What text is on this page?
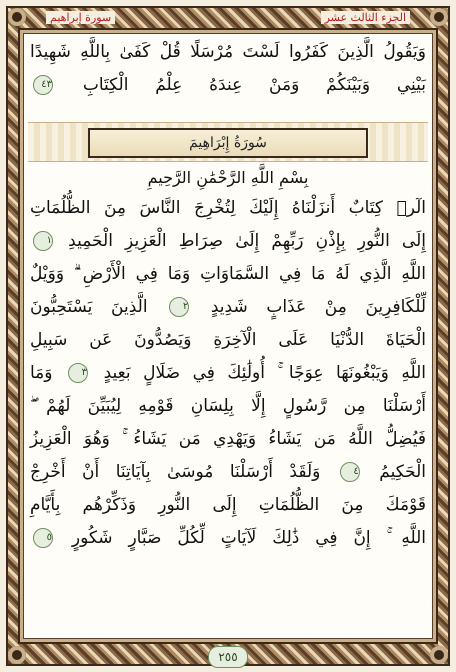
سورة إبراهيم	الجزء الثالث عشر
وَيَقُولُ الَّذِينَ كَفَرُوا لَسْتَ مُرْسَلًا قُلْ كَفَىٰ بِاللَّهِ شَهِيدًا
بَيْنِي وَبَيْنَكُمْ وَمَنْ عِندَهُ عِلْمُ الْكِتَابِ ٤٣
سُورَةُ إِبْرَاهِيمَ
بِسْمِ اللَّهِ الرَّحْمَٰنِ الرَّحِيمِ
الٓرۚ كِتَابٌ أَنزَلْنَاهُ إِلَيْكَ لِتُخْرِجَ النَّاسَ مِنَ الظُّلُمَاتِ
إِلَى النُّورِ بِإِذْنِ رَبِّهِمْ إِلَىٰ صِرَاطِ الْعَزِيزِ الْحَمِيدِ ١
اللَّهِ الَّذِي لَهُ مَا فِي السَّمَاوَاتِ وَمَا فِي الْأَرْضِ ۗ وَوَيْلٌ
لِّلْكَافِرِينَ مِنْ عَذَابٍ شَدِيدٍ ٢ الَّذِينَ يَسْتَحِبُّونَ
الْحَيَاةَ الدُّنْيَا عَلَى الْآخِرَةِ وَيَصُدُّونَ عَن سَبِيلِ
اللَّهِ وَيَبْغُونَهَا عِوَجًا ۚ أُولَٰئِكَ فِي ضَلَالٍ بَعِيدٍ ٣ وَمَا
أَرْسَلْنَا مِن رَّسُولٍ إِلَّا بِلِسَانِ قَوْمِهِ لِيُبَيِّنَ لَهُمْ ۖ
فَيُضِلُّ اللَّهُ مَن يَشَاءُ وَيَهْدِي مَن يَشَاءُ ۚ وَهُوَ الْعَزِيزُ
الْحَكِيمُ ٤ وَلَقَدْ أَرْسَلْنَا مُوسَىٰ بِآيَاتِنَا أَنْ أَخْرِجْ
قَوْمَكَ مِنَ الظُّلُمَاتِ إِلَى النُّورِ وَذَكِّرْهُم بِأَيَّامِ
اللَّهِ ۚ إِنَّ فِي ذَٰلِكَ لَآيَاتٍ لِّكُلِّ صَبَّارٍ شَكُورٍ ٥
٢٥٥
